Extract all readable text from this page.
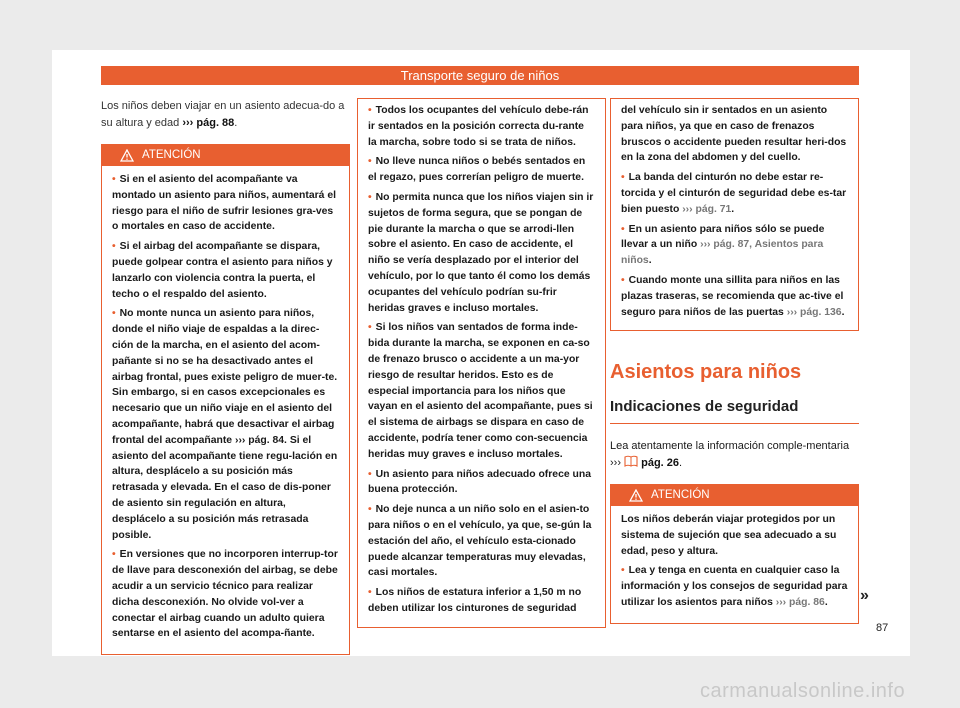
Transporte seguro de niños

Los niños deben viajar en un asiento adecua-do a su altura y edad ››› pág. 88.

ATENCIÓN

• Si en el asiento del acompañante va montado un asiento para niños, aumentará el riesgo para el niño de sufrir lesiones gra-ves o mortales en caso de accidente.

• Si el airbag del acompañante se dispara, puede golpear contra el asiento para niños y lanzarlo con violencia contra la puerta, el techo o el respaldo del asiento.

• No monte nunca un asiento para niños, donde el niño viaje de espaldas a la direc-ción de la marcha, en el asiento del acom-pañante si no se ha desactivado antes el airbag frontal, pues existe peligro de muer-te. Sin embargo, si en casos excepcionales es necesario que un niño viaje en el asiento del acompañante, habrá que desactivar el airbag frontal del acompañante ››› pág. 84. Si el asiento del acompañante tiene regu-lación en altura, desplácelo a su posición más retrasada y elevada. En el caso de dis-poner de asiento sin regulación en altura, desplácelo a su posición más retrasada posible.

• En versiones que no incorporen interrup-tor de llave para desconexión del airbag, se debe acudir a un servicio técnico para realizar dicha desconexión. No olvide vol-ver a conectar el airbag cuando un adulto quiera sentarse en el asiento del acompa-ñante.

• Todos los ocupantes del vehículo debe-rán ir sentados en la posición correcta du-rante la marcha, sobre todo si se trata de niños.

• No lleve nunca niños o bebés sentados en el regazo, pues correrían peligro de muerte.

• No permita nunca que los niños viajen sin ir sujetos de forma segura, que se pongan de pie durante la marcha o que se arrodi-llen sobre el asiento. En caso de accidente, el niño se vería desplazado por el interior del vehículo, por lo que tanto él como los demás ocupantes del vehículo podrían su-frir heridas graves e incluso mortales.

• Si los niños van sentados de forma inde-bida durante la marcha, se exponen en ca-so de frenazo brusco o accidente a un ma-yor riesgo de resultar heridos. Esto es de especial importancia para los niños que vayan en el asiento del acompañante, pues si el sistema de airbags se dispara en caso de accidente, podría tener como con-secuencia heridas muy graves e incluso mortales.

• Un asiento para niños adecuado ofrece una buena protección.

• No deje nunca a un niño solo en el asien-to para niños o en el vehículo, ya que, se-gún la estación del año, el vehículo esta-cionado puede alcanzar temperaturas muy elevadas, casi mortales.

• Los niños de estatura inferior a 1,50 m no deben utilizar los cinturones de seguridad

del vehículo sin ir sentados en un asiento para niños, ya que en caso de frenazos bruscos o accidente pueden resultar heri-dos en la zona del abdomen y del cuello.

• La banda del cinturón no debe estar re-torcida y el cinturón de seguridad debe es-tar bien puesto ››› pág. 71.

• En un asiento para niños sólo se puede llevar a un niño ››› pág. 87, Asientos para niños.

• Cuando monte una sillita para niños en las plazas traseras, se recomienda que ac-tive el seguro para niños de las puertas ››› pág. 136.

Asientos para niños
Indicaciones de seguridad

Lea atentamente la información comple-mentaria ›››  pág. 26.

ATENCIÓN

Los niños deberán viajar protegidos por un sistema de sujeción que sea adecuado a su edad, peso y altura.

• Lea y tenga en cuenta en cualquier caso la información y los consejos de seguridad para utilizar los asientos para niños ››› pág. 86.	»
87
carmanualsonline.info
